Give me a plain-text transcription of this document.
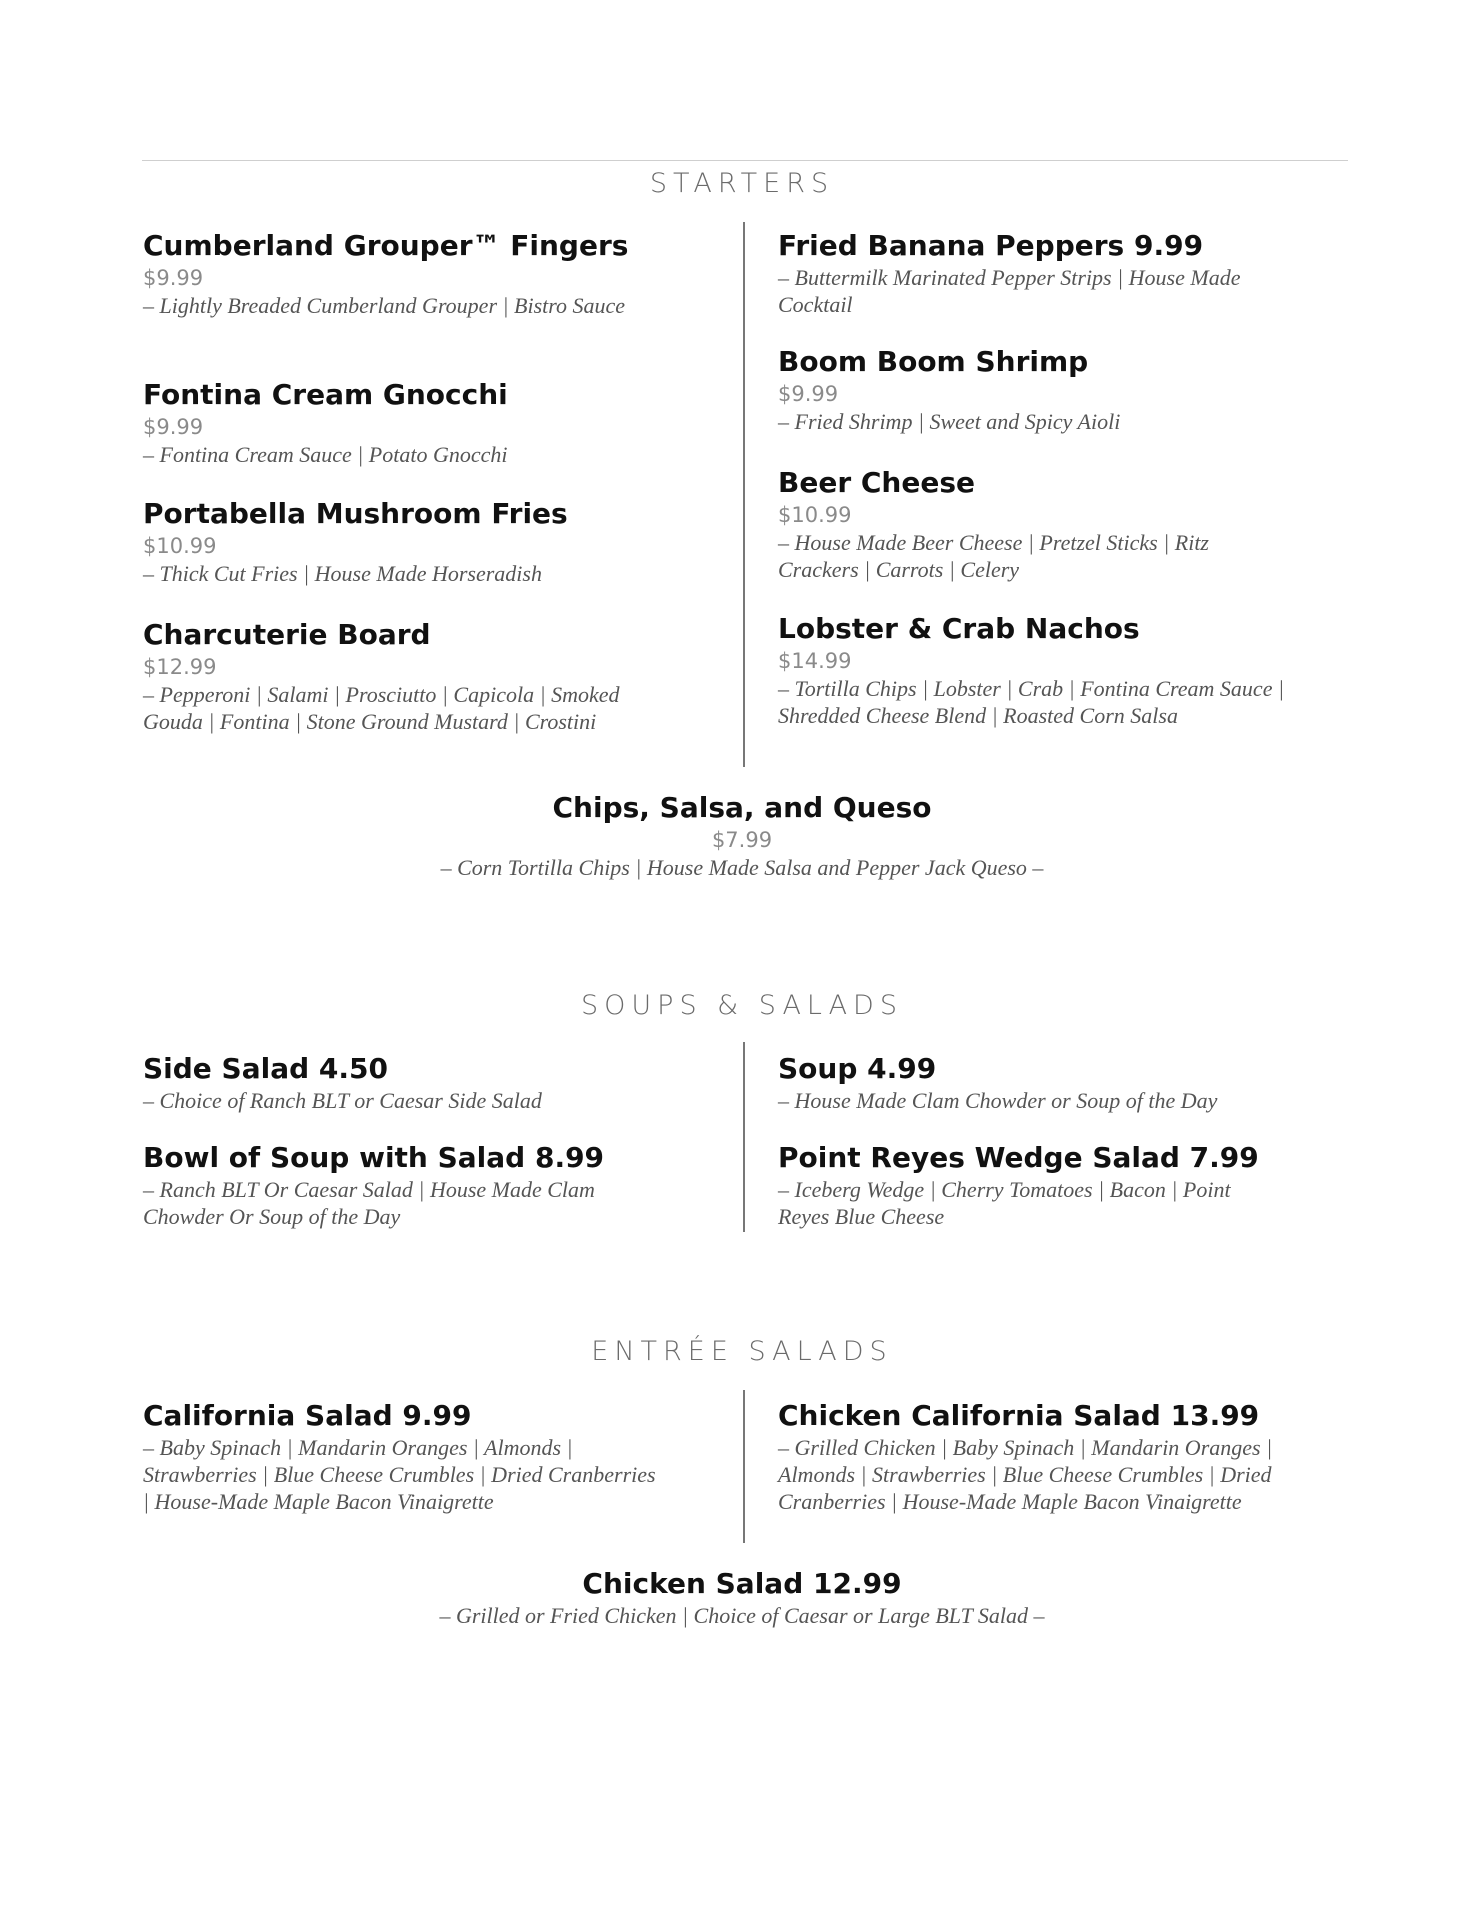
STARTERS
Cumberland Grouper™ Fingers
$9.99
– Lightly Breaded Cumberland Grouper | Bistro Sauce
Fontina Cream Gnocchi
$9.99
– Fontina Cream Sauce | Potato Gnocchi
Portabella Mushroom Fries
$10.99
– Thick Cut Fries | House Made Horseradish
Charcuterie Board
$12.99
– Pepperoni | Salami | Prosciutto | Capicola | Smoked Gouda | Fontina | Stone Ground Mustard | Crostini
Fried Banana Peppers 9.99
– Buttermilk Marinated Pepper Strips | House Made Cocktail
Boom Boom Shrimp
$9.99
– Fried Shrimp | Sweet and Spicy Aioli
Beer Cheese
$10.99
– House Made Beer Cheese | Pretzel Sticks | Ritz Crackers | Carrots | Celery
Lobster & Crab Nachos
$14.99
– Tortilla Chips | Lobster | Crab | Fontina Cream Sauce | Shredded Cheese Blend | Roasted Corn Salsa
Chips, Salsa, and Queso
$7.99
– Corn Tortilla Chips | House Made Salsa and Pepper Jack Queso –
SOUPS & SALADS
Side Salad 4.50
– Choice of Ranch BLT or Caesar Side Salad
Bowl of Soup with Salad 8.99
– Ranch BLT Or Caesar Salad | House Made Clam Chowder Or Soup of the Day
Soup 4.99
– House Made Clam Chowder or Soup of the Day
Point Reyes Wedge Salad 7.99
– Iceberg Wedge | Cherry Tomatoes | Bacon | Point Reyes Blue Cheese
ENTRÉE SALADS
California Salad 9.99
– Baby Spinach | Mandarin Oranges | Almonds | Strawberries | Blue Cheese Crumbles | Dried Cranberries | House-Made Maple Bacon Vinaigrette
Chicken California Salad 13.99
– Grilled Chicken | Baby Spinach | Mandarin Oranges | Almonds | Strawberries | Blue Cheese Crumbles | Dried Cranberries | House-Made Maple Bacon Vinaigrette
Chicken Salad 12.99
– Grilled or Fried Chicken | Choice of Caesar or Large BLT Salad –
